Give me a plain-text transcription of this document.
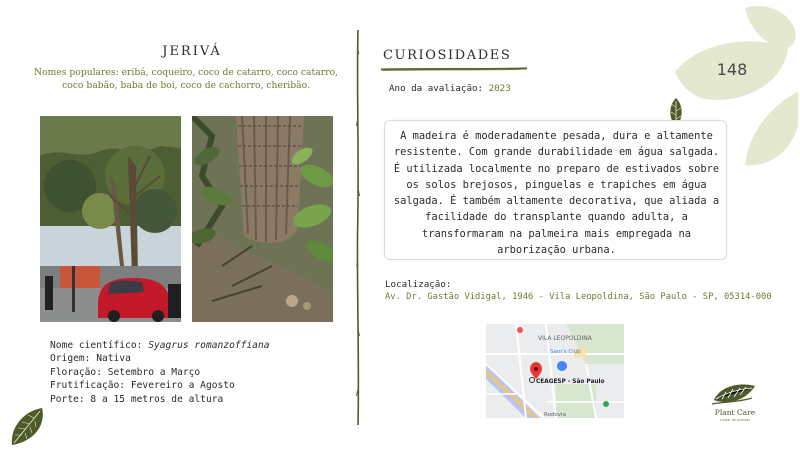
148
JERIVÁ
Nomes populares: eribá, coqueiro, coco de catarro, coco catarro, coco babão, baba de boi, coco de cachorro, cheribão.
Nome científico: Syagrus romanzoffiana
Origem: Nativa
Floração: Setembro a Março
Frutificação: Fevereiro a Agosto
Porte: 8 a 15 metros de altura
CURIOSIDADES
Ano da avaliação: 2023

A madeira é moderadamente pesada, dura e altamente resistente. Com grande durabilidade em água salgada. É utilizada localmente no preparo de estivados sobre os solos brejosos, pinguelas e trapiches em água salgada. É também altamente decorativa, que aliada a facilidade do transplante quando adulta, a transformaram na palmeira mais empregada na arborização urbana.

Localização:
Av. Dr. Gastão Vidigal, 1946 - Vila Leopoldina, São Paulo - SP, 05314-000
VILA LEOPOLDINA
Sam's Club
CEAGESP - São Paulo
Rodovia	Plant Care
cuidar de plantas
